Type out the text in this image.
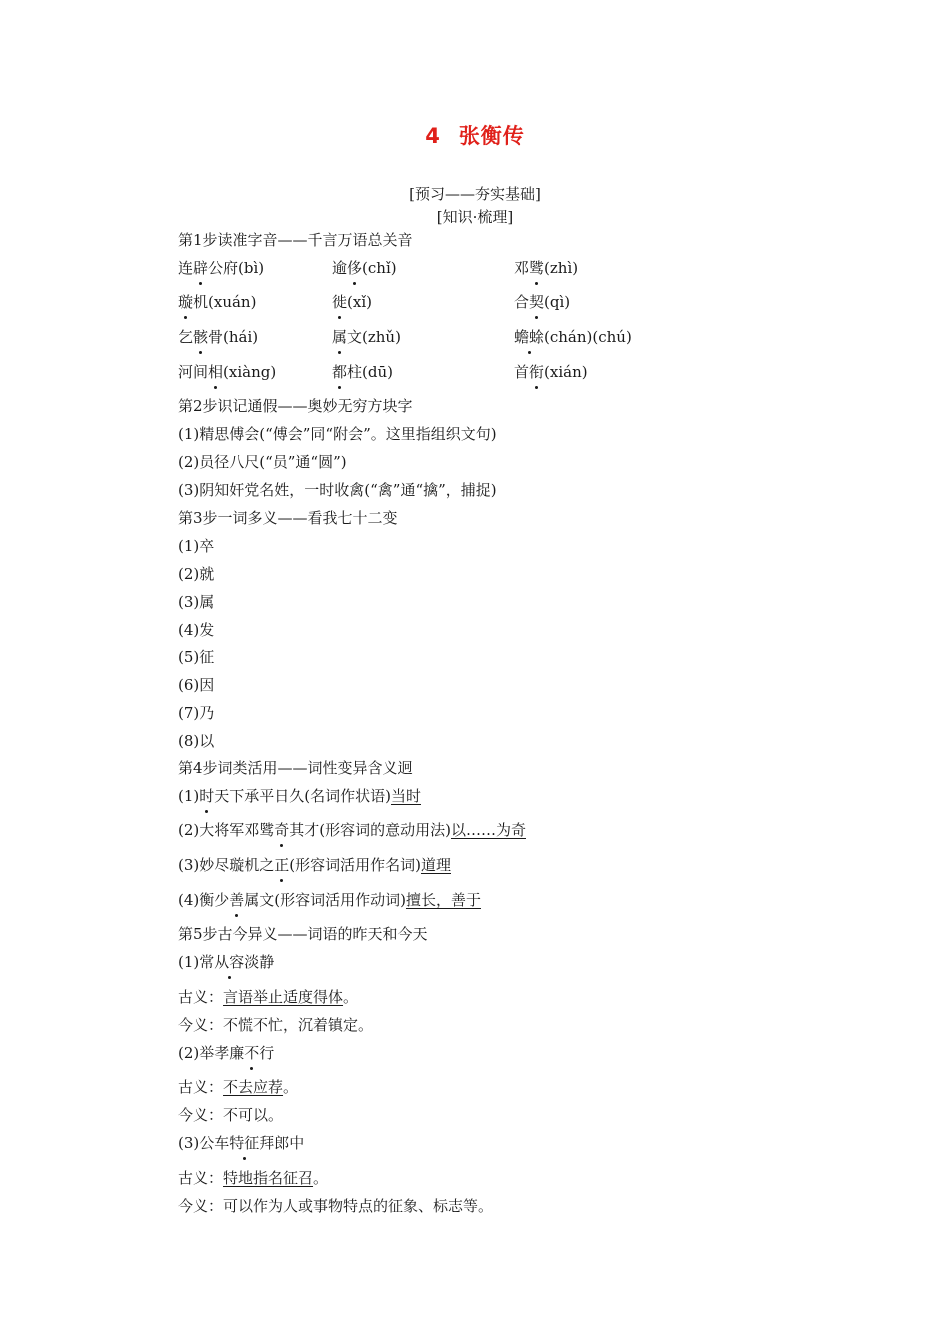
4 张衡传
[预习——夯实基础]
[知识·梳理]
第1步读准字音——千言万语总关音
连辟公府(bì)	逾侈(chǐ)	邓骘(zhì)
璇机(xuán)	徙(xǐ)	合契(qì)
乞骸骨(hái)	属文(zhǔ)	蟾蜍(chán)(chú)
河间相(xiàng)	都柱(dū)	首衔(xián)
第2步识记通假——奥妙无穷方块字
(1)精思傅会(“傅会”同“附会”。这里指组织文句)
(2)员径八尺(“员”通“圆”)
(3)阴知奸党名姓，一时收禽(“禽”通“擒”，捕捉)
第3步一词多义——看我七十二变
(1)卒
(2)就
(3)属
(4)发
(5)征
(6)因
(7)乃
(8)以
第4步词类活用——词性变异含义迥
(1)时天下承平日久(名词作状语)当时
(2)大将军邓骘奇其才(形容词的意动用法)以……为奇
(3)妙尽璇机之正(形容词活用作名词)道理
(4)衡少善属文(形容词活用作动词)擅长，善于
第5步古今异义——词语的昨天和今天
(1)常从容淡静
古义：言语举止适度得体。
今义：不慌不忙，沉着镇定。
(2)举孝廉不行
古义：不去应荐。
今义：不可以。
(3)公车特征拜郎中
古义：特地指名征召。
今义：可以作为人或事物特点的征象、标志等。
